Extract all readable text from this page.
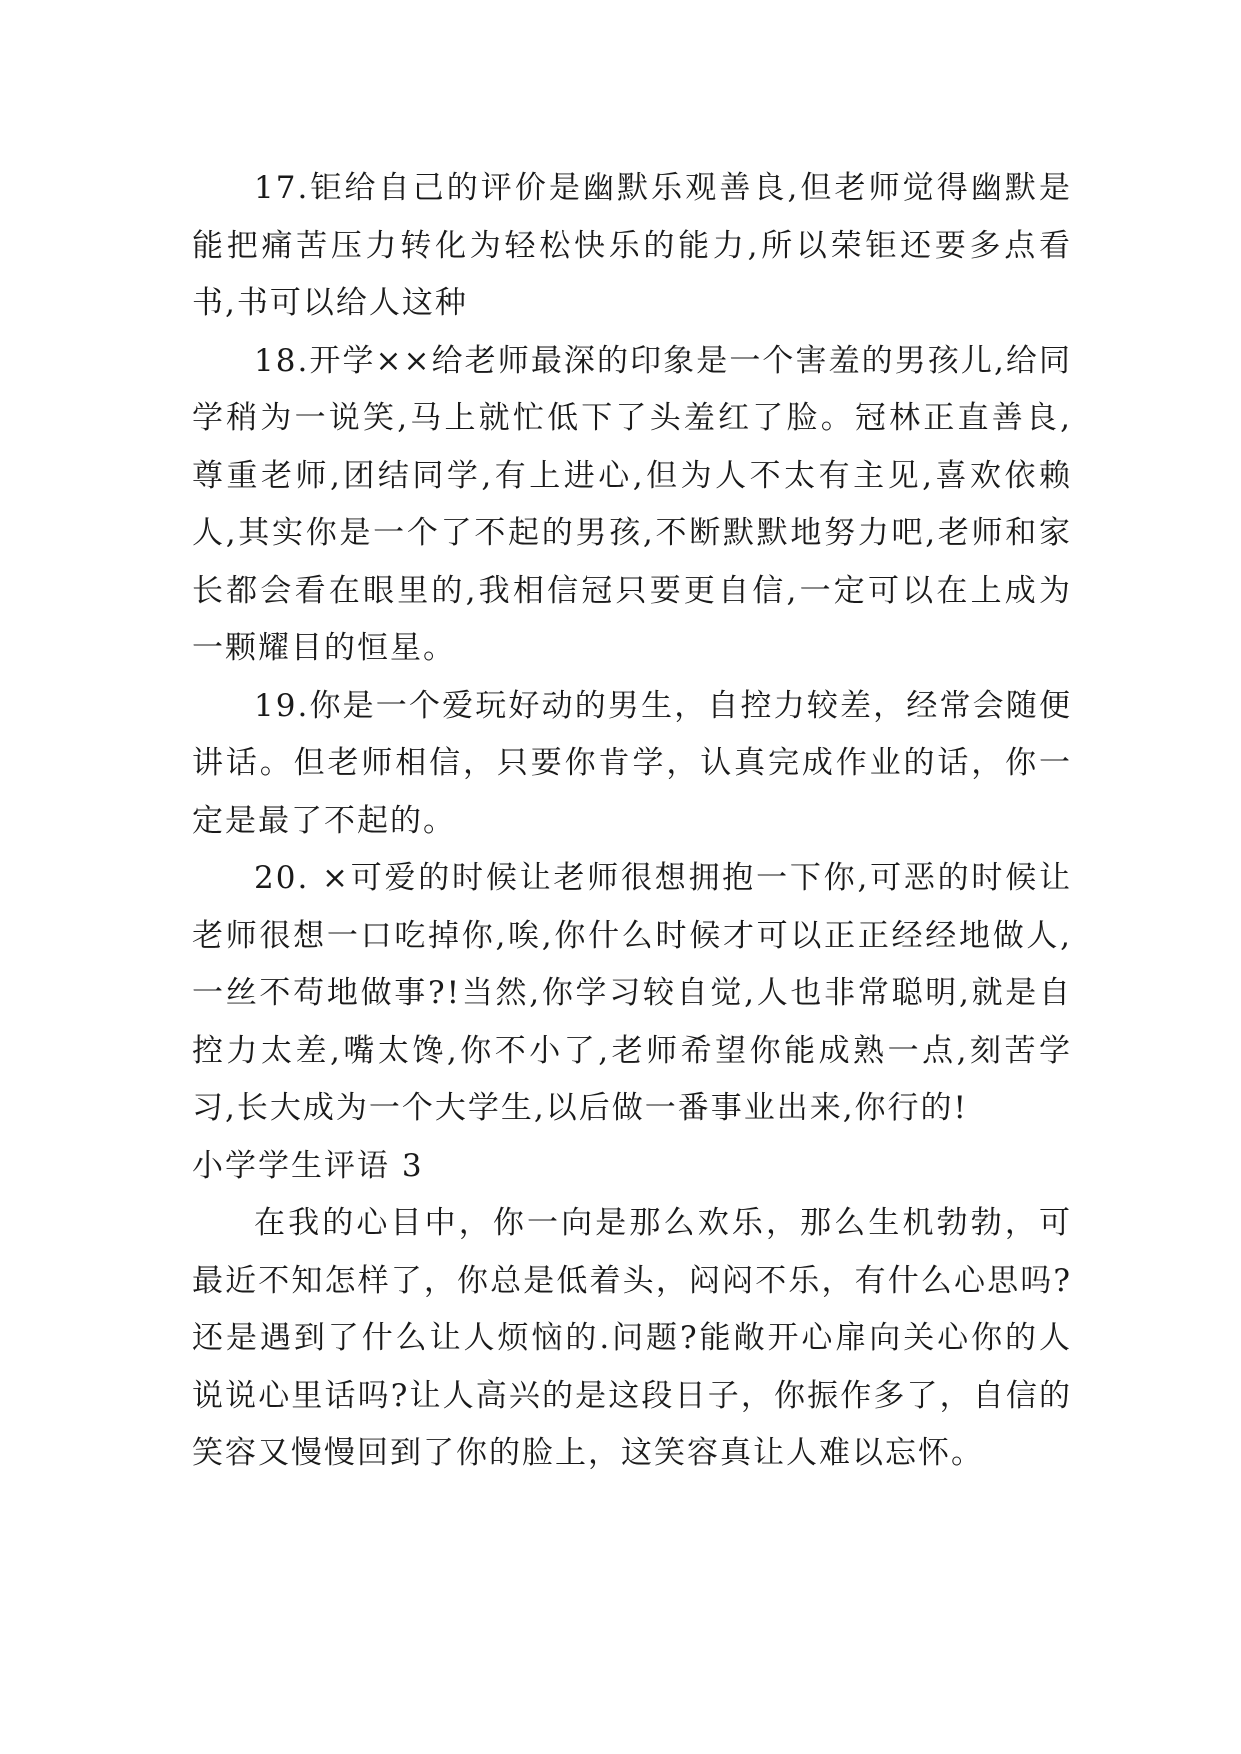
17.钜给自己的评价是幽默乐观善良,但老师觉得幽默是能把痛苦压力转化为轻松快乐的能力,所以荣钜还要多点看书,书可以给人这种

18.开学××给老师最深的印象是一个害羞的男孩儿,给同学稍为一说笑,马上就忙低下了头羞红了脸。冠林正直善良,尊重老师,团结同学,有上进心,但为人不太有主见,喜欢依赖人,其实你是一个了不起的男孩,不断默默地努力吧,老师和家长都会看在眼里的,我相信冠只要更自信,一定可以在上成为一颗耀目的恒星。

19.你是一个爱玩好动的男生，自控力较差，经常会随便讲话。但老师相信，只要你肯学，认真完成作业的话，你一定是最了不起的。

20. ×可爱的时候让老师很想拥抱一下你,可恶的时候让老师很想一口吃掉你,唉,你什么时候才可以正正经经地做人,一丝不苟地做事?!当然,你学习较自觉,人也非常聪明,就是自控力太差,嘴太馋,你不小了,老师希望你能成熟一点,刻苦学习,长大成为一个大学生,以后做一番事业出来,你行的!

小学学生评语 3

在我的心目中，你一向是那么欢乐，那么生机勃勃，可最近不知怎样了，你总是低着头，闷闷不乐，有什么心思吗?还是遇到了什么让人烦恼的.问题?能敞开心扉向关心你的人说说心里话吗?让人高兴的是这段日子，你振作多了，自信的笑容又慢慢回到了你的脸上，这笑容真让人难以忘怀。
